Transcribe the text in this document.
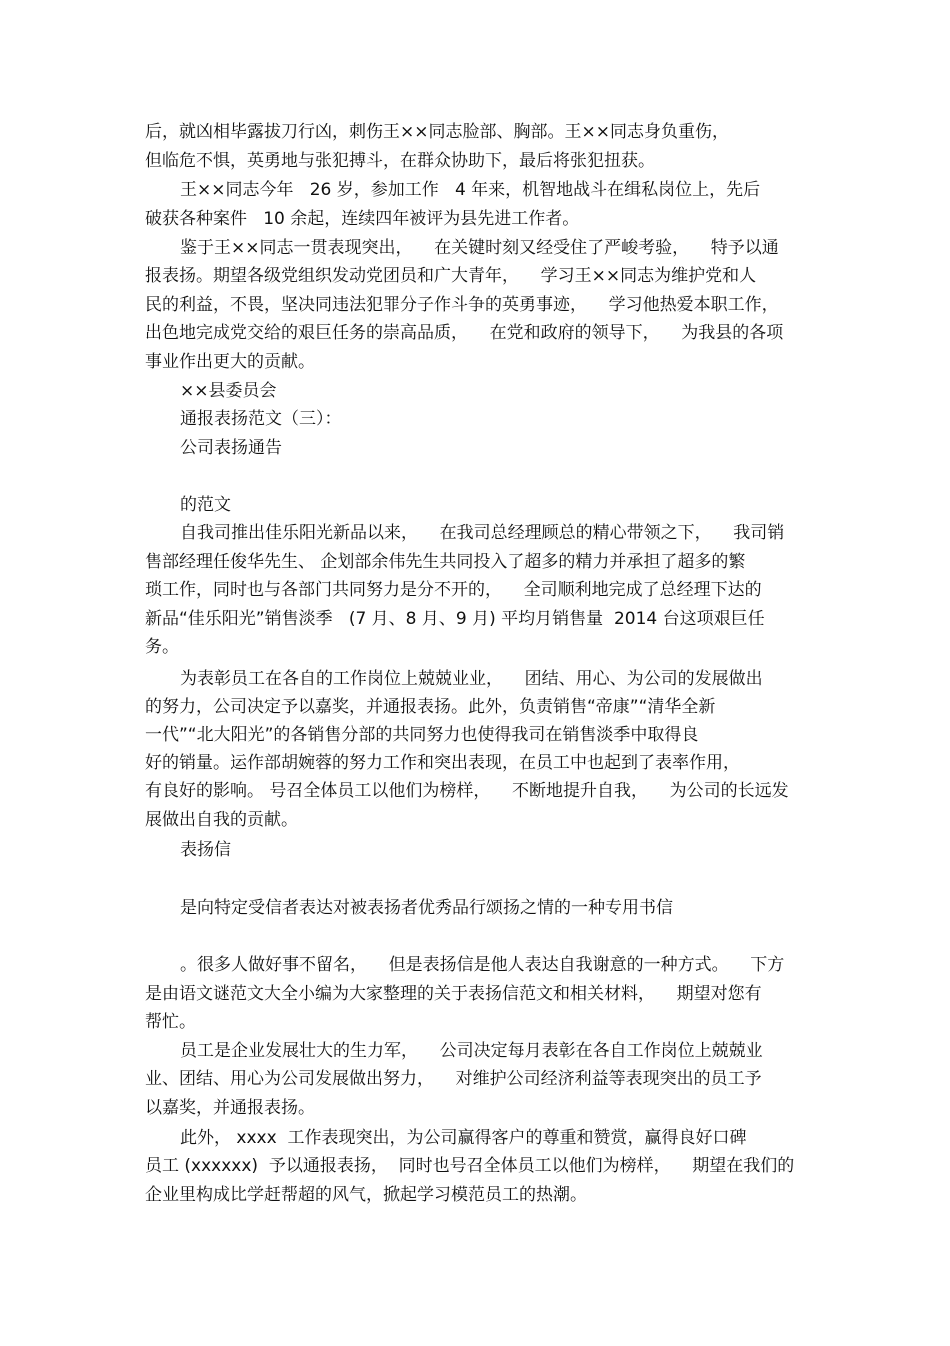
后，就凶相毕露拔刀行凶，刺伤王××同志脸部、胸部。王××同志身负重伤，

但临危不惧，英勇地与张犯搏斗，在群众协助下，最后将张犯扭获。

王××同志今年   26 岁，参加工作   4 年来，机智地战斗在缉私岗位上，先后

破获各种案件   10 余起，连续四年被评为县先进工作者。

鉴于王××同志一贯表现突出，    在关键时刻又经受住了严峻考验，    特予以通

报表扬。期望各级党组织发动党团员和广大青年，    学习王××同志为维护党和人

民的利益，不畏，坚决同违法犯罪分子作斗争的英勇事迹，    学习他热爱本职工作，

出色地完成党交给的艰巨任务的崇高品质，    在党和政府的领导下，    为我县的各项

事业作出更大的贡献。

××县委员会

通报表扬范文（三）：

公司表扬通告

的范文

自我司推出佳乐阳光新品以来，    在我司总经理顾总的精心带领之下，    我司销

售部经理任俊华先生、 企划部余伟先生共同投入了超多的精力并承担了超多的繁

琐工作，同时也与各部门共同努力是分不开的，    全司顺利地完成了总经理下达的

新品“佳乐阳光”销售淡季   (7 月、8 月、9 月) 平均月销售量  2014 台这项艰巨任

务。

为表彰员工在各自的工作岗位上兢兢业业，    团结、用心、为公司的发展做出

的努力，公司决定予以嘉奖，并通报表扬。此外，负责销售“帝康”“清华全新

一代”“北大阳光”的各销售分部的共同努力也使得我司在销售淡季中取得良

好的销量。运作部胡婉蓉的努力工作和突出表现，在员工中也起到了表率作用，

有良好的影响。 号召全体员工以他们为榜样，    不断地提升自我，    为公司的长远发

展做出自我的贡献。

表扬信

是向特定受信者表达对被表扬者优秀品行颂扬之情的一种专用书信

。很多人做好事不留名，    但是表扬信是他人表达自我谢意的一种方式。    下方

是由语文谜范文大全小编为大家整理的关于表扬信范文和相关材料，    期望对您有

帮忙。

员工是企业发展壮大的生力军，    公司决定每月表彰在各自工作岗位上兢兢业

业、团结、用心为公司发展做出努力，    对维护公司经济利益等表现突出的员工予

以嘉奖，并通报表扬。

此外， xxxx  工作表现突出，为公司赢得客户的尊重和赞赏，赢得良好口碑

员工 (xxxxxx)  予以通报表扬，  同时也号召全体员工以他们为榜样，    期望在我们的

企业里构成比学赶帮超的风气，掀起学习模范员工的热潮。
